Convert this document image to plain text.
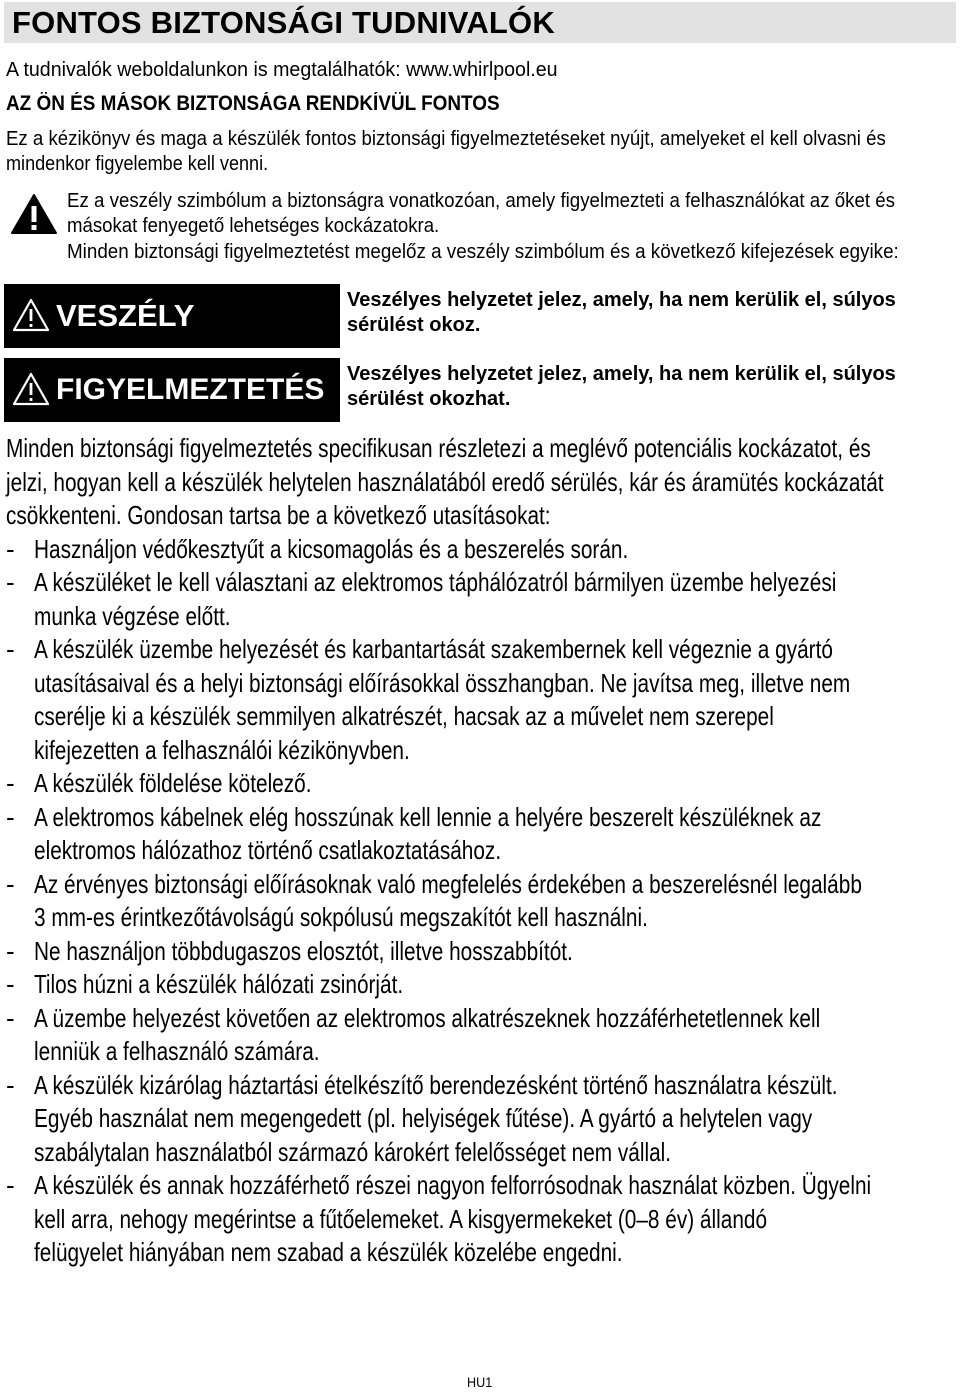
FONTOS BIZTONSÁGI TUDNIVALÓK
A tudnivalók weboldalunkon is megtalálhatók: www.whirlpool.eu
AZ ÖN ÉS MÁSOK BIZTONSÁGA RENDKÍVÜL FONTOS
Ez a kézikönyv és maga a készülék fontos biztonsági figyelmeztetéseket nyújt, amelyeket el kell olvasni és
mindenkor figyelembe kell venni.
Ez a veszély szimbólum a biztonságra vonatkozóan, amely figyelmezteti a felhasználókat az őket és
másokat fenyegető lehetséges kockázatokra.
Minden biztonsági figyelmeztetést megelőz a veszély szimbólum és a következő kifejezések egyike:
VESZÉLY	Veszélyes helyzetet jelez, amely, ha nem kerülik el, súlyos
sérülést okoz.
FIGYELMEZTETÉS Veszélyes helyzetet jelez, amely, ha nem kerülik el, súlyos
sérülést okozhat.
Minden biztonsági figyelmeztetés specifikusan részletezi a meglévő potenciális kockázatot, és
jelzi, hogyan kell a készülék helytelen használatából eredő sérülés, kár és áramütés kockázatát
csökkenteni. Gondosan tartsa be a következő utasításokat:
- Használjon védőkesztyűt a kicsomagolás és a beszerelés során.
- A készüléket le kell választani az elektromos táphálózatról bármilyen üzembe helyezési
munka végzése előtt.
- A készülék üzembe helyezését és karbantartását szakembernek kell végeznie a gyártó
utasításaival és a helyi biztonsági előírásokkal összhangban. Ne javítsa meg, illetve nem
cserélje ki a készülék semmilyen alkatrészét, hacsak az a művelet nem szerepel
kifejezetten a felhasználói kézikönyvben.
- A készülék földelése kötelező.
- A elektromos kábelnek elég hosszúnak kell lennie a helyére beszerelt készüléknek az
elektromos hálózathoz történő csatlakoztatásához.
- Az érvényes biztonsági előírásoknak való megfelelés érdekében a beszerelésnél legalább
3 mm-es érintkezőtávolságú sokpólusú megszakítót kell használni.
- Ne használjon többdugaszos elosztót, illetve hosszabbítót.
- Tilos húzni a készülék hálózati zsinórját.
- A üzembe helyezést követően az elektromos alkatrészeknek hozzáférhetetlennek kell
lenniük a felhasználó számára.
- A készülék kizárólag háztartási ételkészítő berendezésként történő használatra készült.
Egyéb használat nem megengedett (pl. helyiségek fűtése). A gyártó a helytelen vagy
szabálytalan használatból származó károkért felelősséget nem vállal.
- A készülék és annak hozzáférhető részei nagyon felforrósodnak használat közben. Ügyelni
kell arra, nehogy megérintse a fűtőelemeket. A kisgyermekeket (0–8 év) állandó
felügyelet hiányában nem szabad a készülék közelébe engedni.
HU1
